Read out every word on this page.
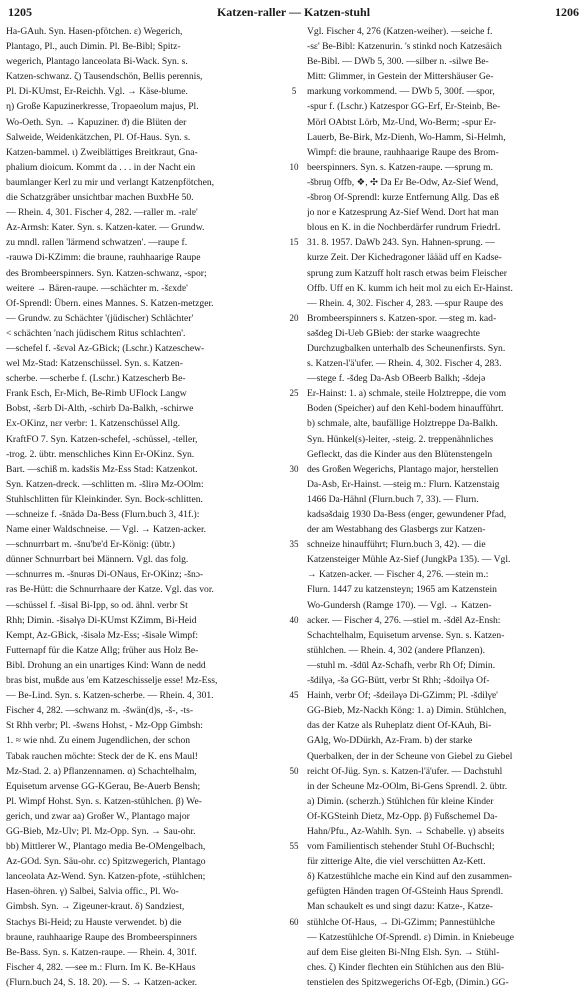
1205	Katzen-raller — Katzen-stuhl	1206
Ha-GAuh. Syn. Hasen-pfötchen. ε) Wegerich,
Plantago, Pl., auch Dimin. Pl. Be-Bibl; Spitz-
wegerich, Plantago lanceolata Bi-Wack. Syn. s.
Katzen-schwanz. ζ) Tausendschön, Bellis perennis,
Pl. Di-KUmst, Er-Reichh. Vgl. → Käse-blume.
η) Große Kapuzinerkresse, Tropaeolum majus, Pl.
Wo-Oeth. Syn. → Kapuziner. ϑ) die Blüten der
Salweide, Weidenkätzchen, Pl. Of-Haus. Syn. s.
Katzen-bammel. ι) Zweiblättiges Breitkraut, Gna-
phalium dioicum. Kommt da . . . in der Nacht ein
baumlanger Kerl zu mir und verlangt Katzenpfötchen,
die Schatzgräber unsichtbar machen BuxbHe 50.
— Rhein. 4, 301. Fischer 4, 282. —raller m. -ralɐ'
Az-Armsh: Kater. Syn. s. Katzen-kater. — Grundw.
zu mndl. rallen 'lärmend schwatzen'. —raupe f.
-rauwə Di-KZimm: die braune, rauhhaarige Raupe
des Brombeerspinners. Syn. Katzen-schwanz, -spor;
weitere → Bären-raupe. —schächter m. -šɛxdɐ'
Of-Sprendl: Übern. eines Mannes. S. Katzen-metzger.
— Grundw. zu Schächter '(jüdischer) Schlächter'
< schächten 'nach jüdischem Ritus schlachten'.
—schefel f. -šɛvəl Az-GBick; (Lschr.) Katzeschew-
wel Mz-Stad: Katzenschüssel. Syn. s. Katzen-
scherbe. —scherbe f. (Lschr.) Katzescherb Be-
Frank Esch, Er-Mich, Be-Rimb UFlock Langw
Bobst, -šɛrb Di-Alth, -schirb Da-Balkh, -schirwe
Ex-OKinz, nɛr verbr: 1. Katzenschüssel Allg.
KraftFO 7. Syn. Katzen-schefel, -schüssel, -teller,
-trog. 2. übtr. menschliches Kinn Er-OKinz. Syn.
Bart. —schiß m. kadsšis Mz-Ess Stad: Katzenkot.
Syn. Katzen-dreck. —schlitten m. -šlirə Mz-OOlm:
Stuhlschlitten für Kleinkinder. Syn. Bock-schlitten.
—schneize f. -šnädə Da-Bess (Flurn.buch 3, 41f.):
Name einer Waldschneise. — Vgl. → Katzen-acker.
—schnurrbart m. -šnu'bɐ'd Er-König: (übtr.)
dünner Schnurrbart bei Männern. Vgl. das folg.
—schnurres m. -šnurəs Di-ONaus, Er-OKinz; -šnɔ-
rəs Be-Hütt: die Schnurrhaare der Katze. Vgl. das vor.
—schüssel f. -šisəl Bi-Ipp, so od. ähnl. verbr St
Rhh; Dimin. -šisəlγə Di-KUmst KZimm, Bi-Heid
Kempt, Az-GBick, -šisələ Mz-Ess; -šisəle Wimpf:
Futternapf für die Katze Allg; früher aus Holz Be-
Bibl. Drohung an ein unartiges Kind: Wann de nedd
bras bist, mußde aus 'em Katzeschisselje esse! Mz-Ess,
— Be-Lind. Syn. s. Katzen-scherbe. — Rhein. 4, 301.
Fischer 4, 282. —schwanz m. -šwän(d)s, -š-, -ts-
St Rhh verbr; Pl. -šwɛns Hohst, - Mz-Opp Gimbsh:
1. ≈ wie nhd. Zu einem Jugendlichen, der schon
Tabak rauchen möchte: Steck der de K. ens Maul!
Mz-Stad. 2. a) Pflanzennamen. α) Schachtelhalm,
Equisetum arvense GG-KGerau, Be-Auerb Bensh;
Pl. Wimpf Hohst. Syn. s. Katzen-stühlchen. β) We-
gerich, und zwar aa) Großer W., Plantago major
GG-Bieb, Mz-Ulv; Pl. Mz-Opp. Syn. → Sau-ohr.
bb) Mittlerer W., Plantago media Be-OMengelbach,
Az-GOd. Syn. Säu-ohr. cc) Spitzwegerich, Plantago
lanceolata Az-Wend. Syn. Katzen-pfote, -stühlchen;
Hasen-öhren. γ) Salbei, Salvia offic., Pl. Wo-
Gimbsh. Syn. → Zigeuner-kraut. δ) Sandziest,
Stachys Bi-Heid; zu Hauste verwendet. b) die
braune, rauhhaarige Raupe des Brombeerspinners
Be-Bass. Syn. s. Katzen-raupe. — Rhein. 4, 301f.
Fischer 4, 282. —see m.: Flurn. Im K. Be-KHaus
(Flurn.buch 24, S. 18. 20). — S. → Katzen-acker.
5
10
15
20
25
30
35
40
45
50
55
60
Vgl. Fischer 4, 276 (Katzen-weiher). —seiche f.
-sɛ' Be-Bibl: Katzenurin. 's stinkd noch Katzesäich
Be-Bibl. — DWb 5, 300. —silber n. -silwɐ Be-
Mitt: Glimmer, in Gestein der Mittershäuser Ge-
markung vorkommend. — DWb 5, 300f. —spor,
-spur f. (Lschr.) Katzespor GG-Erf, Er-Steinb, Be-
Mörl OAbtst Lörb, Mz-Und, Wo-Berm; -spur Er-
Lauerb, Be-Birk, Mz-Dienh, Wo-Hamm, Si-Helmh,
Wimpf: die braune, rauhhaarige Raupe des Brom-
beerspinners. Syn. s. Katzen-raupe. —sprung m.
-šbruŋ Offb, ❖, ✣ Da Er Be-Odw, Az-Sief Wend,
-šbroŋ Of-Sprendl: kurze Entfernung Allg. Das eß
jo nor e Katzesprung Az-Sief Wend. Dort hat man
blous en K. in die Nochberdärfer rundrum FriedrL
31. 8. 1957. DaWb 243. Syn. Hahnen-sprung. —
kurze Zeit. Der Kichedragoner läääd uff en Kadse-
sprung zum Katzuff holt rasch etwas beim Fleischer
Offb. Uff en K. kumm ich heit mol zu eich Er-Hainst.
— Rhein. 4, 302. Fischer 4, 283. —spur Raupe des
Brombeerspinners s. Katzen-spor. —steg m. kad-
səšdeg Di-Ueb GBieb: der starke waagrechte
Durchzugbalken unterhalb des Scheunenfirsts. Syn.
s. Katzen-l'ä'ufer. — Rhein. 4, 302. Fischer 4, 283.
—stege f. -šdeg Da-Asb OBeerb Balkh; -šdejə
Er-Hainst: 1. a) schmale, steile Holztreppe, die vom
Boden (Speicher) auf den Kehl-bodem hinaufführt.
b) schmale, alte, baufällige Holztreppe Da-Balkh.
Syn. Hünkel(s)-leiter, -steig. 2. treppenähnliches
Gefleckt, das die Kinder aus den Blütenstengeln
des Großen Wegerichs, Plantago major, herstellen
Da-Asb, Er-Hainst. —steig m.: Flurn. Katzenstaig
1466 Da-Hähnl (Flurn.buch 7, 33). — Flurn.
kadsəšdaig 1930 Da-Bess (enger, gewundener Pfad,
der am Westabhang des Glasbergs zur Katzen-
schneize hinaufführt; Flurn.buch 3, 42). — die
Katzensteiger Mühle Az-Sief (JungkPa 135). — Vgl.
→ Katzen-acker. — Fischer 4, 276. —stein m.:
Flurn. 1447 zu katzensteyn; 1965 am Katzenstein
Wo-Gundersh (Ramge 170). — Vgl. → Katzen-
acker. — Fischer 4, 276. —stiel m. -šdēl Az-Ensh:
Schachtelhalm, Equisetum arvense. Syn. s. Katzen-
stühlchen. — Rhein. 4, 302 (andere Pflanzen).
—stuhl m. -šdūl Az-Schafh, verbr Rh Of; Dimin.
-šdilγə, -šə GG-Bütt, verbr St Rhh; -šdoilγə Of-
Hainh, verbr Of; -šdeiləγə Di-GZimm; Pl. -šdilγɐ'
GG-Bieb, Mz-Nackh Köng: 1. a) Dimin. Stühlchen,
das der Katze als Ruheplatz dient Of-KAuh, Bi-
GAlg, Wo-DDürkh, Az-Fram. b) der starke
Querbalken, der in der Scheune von Giebel zu Giebel
reicht Of-Jüg. Syn. s. Katzen-l'ä'ufer. — Dachstuhl
in der Scheune Mz-OOlm, Bi-Gens Sprendl. 2. übtr.
a) Dimin. (scherzh.) Stühlchen für kleine Kinder
Of-KGSteinh Dietz, Mz-Opp. β) Fußschemel Da-
Hahn/Pfu., Az-Wahlh. Syn. → Schabelle. γ) abseits
vom Familientisch stehender Stuhl Of-Buchschl;
für zitterige Alte, die viel verschütten Az-Kett.
δ) Katzestühlche mache ein Kind auf den zusammen-
gefügten Händen tragen Of-GSteinh Haus Sprendl.
Man schaukelt es und singt dazu: Katze-, Katze-
stühlche Of-Haus, → Di-GZimm; Pannestühlche
— Katzestühlche Of-Sprendl. ε) Dimin. in Kniebeuge
auf dem Eise gleiten Bi-NIng Elsh. Syn. → Stühl-
ches. ζ) Kinder flechten ein Stühlchen aus den Blü-
tenstielen des Spitzwegerichs Of-Egb, (Dimin.) GG-
